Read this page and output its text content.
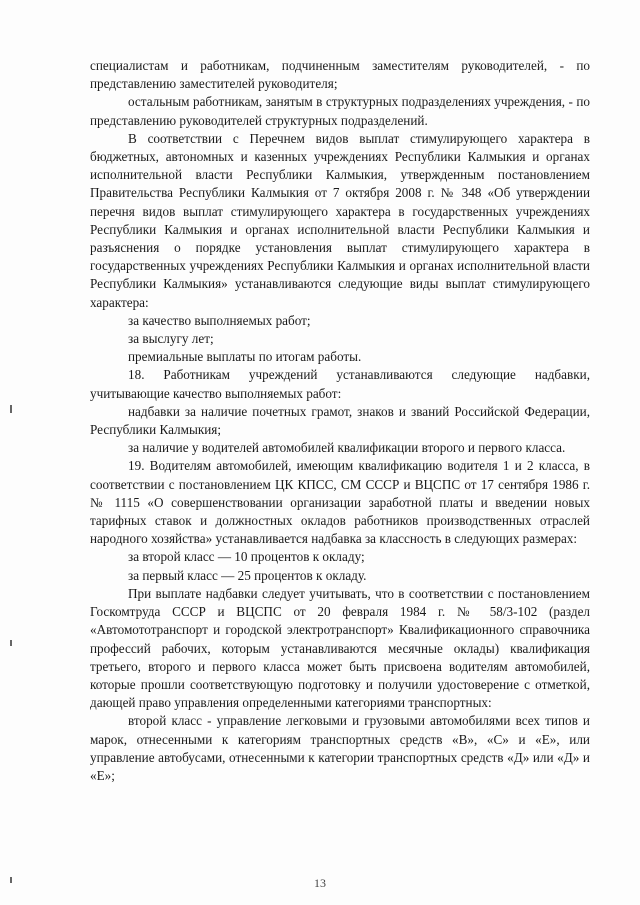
специалистам и работникам, подчиненным заместителям руководителей, - по представлению заместителей руководителя;

остальным работникам, занятым в структурных подразделениях учреждения, - по представлению руководителей структурных подразделений.

В соответствии с Перечнем видов выплат стимулирующего характера в бюджетных, автономных и казенных учреждениях Республики Калмыкия и органах исполнительной власти Республики Калмыкия, утвержденным постановлением Правительства Республики Калмыкия от 7 октября 2008 г. № 348 «Об утверждении перечня видов выплат стимулирующего характера в государственных учреждениях Республики Калмыкия и органах исполнительной власти Республики Калмыкия и разъяснения о порядке установления выплат стимулирующего характера в государственных учреждениях Республики Калмыкия и органах исполнительной власти Республики Калмыкия» устанавливаются следующие виды выплат стимулирующего характера:

за качество выполняемых работ;

за выслугу лет;

премиальные выплаты по итогам работы.

18. Работникам учреждений устанавливаются следующие надбавки, учитывающие качество выполняемых работ:

надбавки за наличие почетных грамот, знаков и званий Российской Федерации, Республики Калмыкия;

за наличие у водителей автомобилей квалификации второго и первого класса.

19. Водителям автомобилей, имеющим квалификацию водителя 1 и 2 класса, в соответствии с постановлением ЦК КПСС, СМ СССР и ВЦСПС от 17 сентября 1986 г. № 1115 «О совершенствовании организации заработной платы и введении новых тарифных ставок и должностных окладов работников производственных отраслей народного хозяйства» устанавливается надбавка за классность в следующих размерах:

за второй класс — 10 процентов к окладу;

за первый класс — 25 процентов к окладу.

При выплате надбавки следует учитывать, что в соответствии с постановлением Госкомтруда СССР и ВЦСПС от 20 февраля 1984 г. № 58/3-102 (раздел «Автомототранспорт и городской электротранспорт» Квалификационного справочника профессий рабочих, которым устанавливаются месячные оклады) квалификация третьего, второго и первого класса может быть присвоена водителям автомобилей, которые прошли соответствующую подготовку и получили удостоверение с отметкой, дающей право управления определенными категориями транспортных:

второй класс - управление легковыми и грузовыми автомобилями всех типов и марок, отнесенными к категориям транспортных средств «В», «С» и «Е», или управление автобусами, отнесенными к категории транспортных средств «Д» или «Д» и «Е»;

13
